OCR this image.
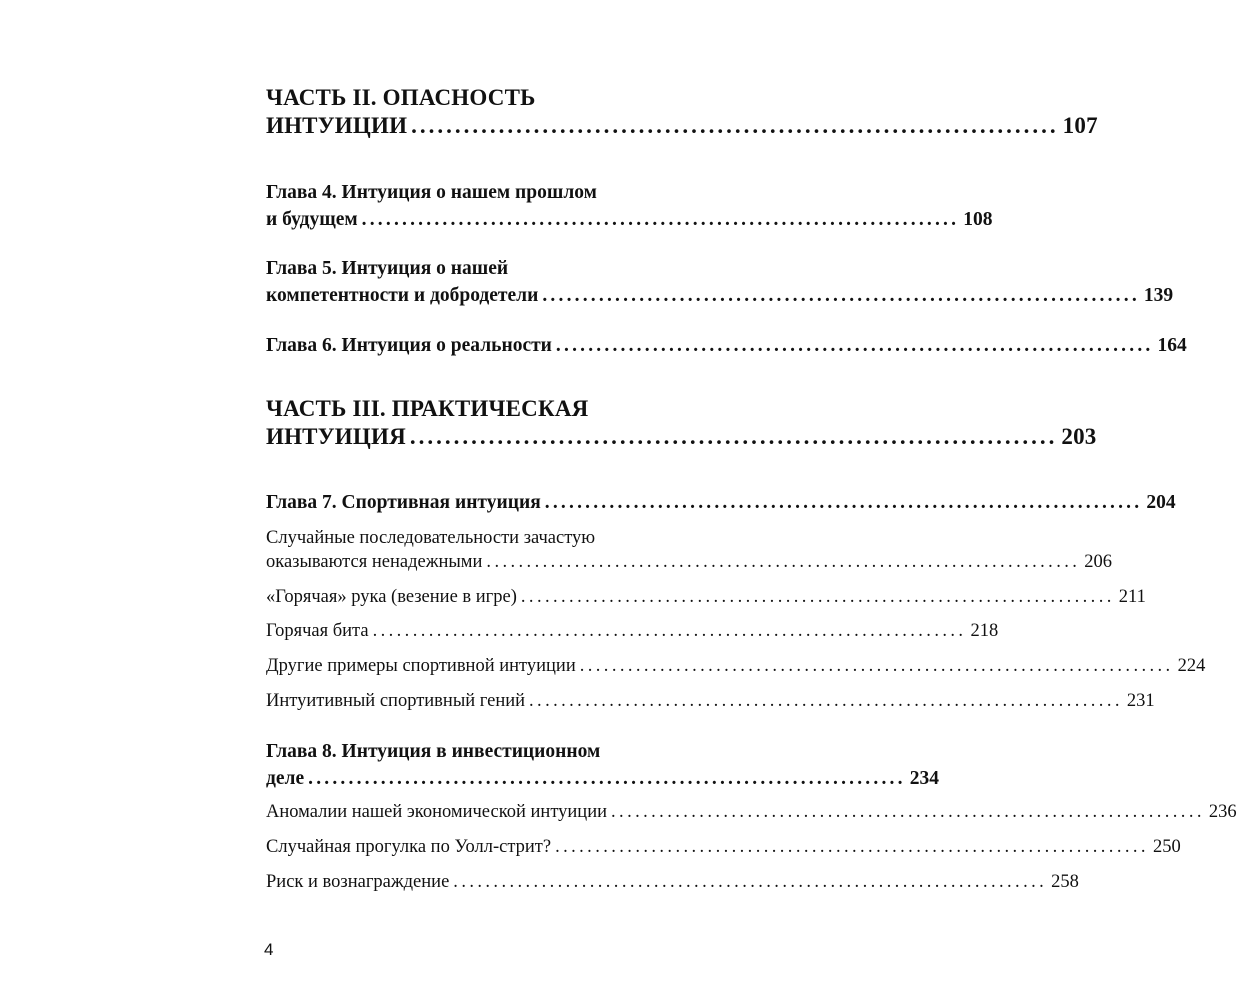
ЧАСТЬ II. ОПАСНОСТЬ
ИНТУИЦИИ .......................................................................... 107
Глава 4. Интуиция о нашем прошлом
и будущем .......................................................................... 108
Глава 5. Интуиция о нашей
компетентности и добродетели .......................................................................... 139
Глава 6. Интуиция о реальности .......................................................................... 164
ЧАСТЬ III. ПРАКТИЧЕСКАЯ
ИНТУИЦИЯ .......................................................................... 203
Глава 7. Спортивная интуиция .......................................................................... 204
Случайные последовательности зачастую
оказываются ненадежными .......................................................................... 206
«Горячая» рука (везение в игре) .......................................................................... 211
Горячая бита .......................................................................... 218
Другие примеры спортивной интуиции .......................................................................... 224
Интуитивный спортивный гений .......................................................................... 231
Глава 8. Интуиция в инвестиционном
деле .......................................................................... 234
Аномалии нашей экономической интуиции .......................................................................... 236
Случайная прогулка по Уолл-стрит? .......................................................................... 250
Риск и вознаграждение .......................................................................... 258
4
